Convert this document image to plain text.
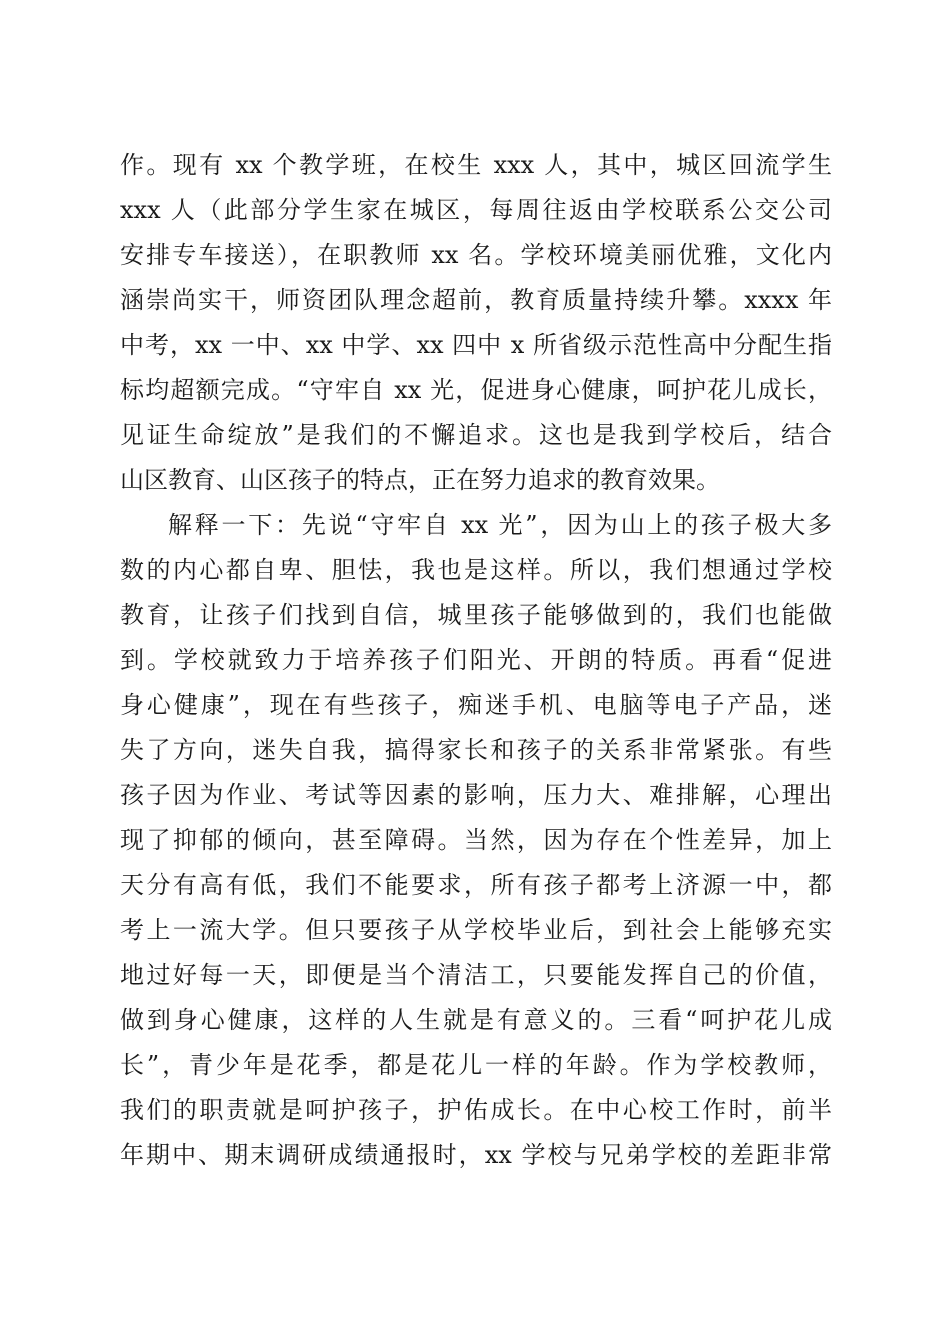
作。现有 xx 个教学班，在校生 xxx 人，其中，城区回流学生
xxx 人（此部分学生家在城区，每周往返由学校联系公交公司
安排专车接送），在职教师 xx 名。学校环境美丽优雅，文化内
涵崇尚实干，师资团队理念超前，教育质量持续升攀。xxxx 年
中考，xx 一中、xx 中学、xx 四中 x 所省级示范性高中分配生指
标均超额完成。“守牢自 xx 光，促进身心健康，呵护花儿成长，
见证生命绽放”是我们的不懈追求。这也是我到学校后，结合
山区教育、山区孩子的特点，正在努力追求的教育效果。
解释一下：先说“守牢自 xx 光”，因为山上的孩子极大多
数的内心都自卑、胆怯，我也是这样。所以，我们想通过学校
教育，让孩子们找到自信，城里孩子能够做到的，我们也能做
到。学校就致力于培养孩子们阳光、开朗的特质。再看“促进
身心健康”，现在有些孩子，痴迷手机、电脑等电子产品，迷
失了方向，迷失自我，搞得家长和孩子的关系非常紧张。有些
孩子因为作业、考试等因素的影响，压力大、难排解，心理出
现了抑郁的倾向，甚至障碍。当然，因为存在个性差异，加上
天分有高有低，我们不能要求，所有孩子都考上济源一中，都
考上一流大学。但只要孩子从学校毕业后，到社会上能够充实
地过好每一天，即便是当个清洁工，只要能发挥自己的价值，
做到身心健康，这样的人生就是有意义的。三看“呵护花儿成
长”，青少年是花季，都是花儿一样的年龄。作为学校教师，
我们的职责就是呵护孩子，护佑成长。在中心校工作时，前半
年期中、期末调研成绩通报时，xx 学校与兄弟学校的差距非常
